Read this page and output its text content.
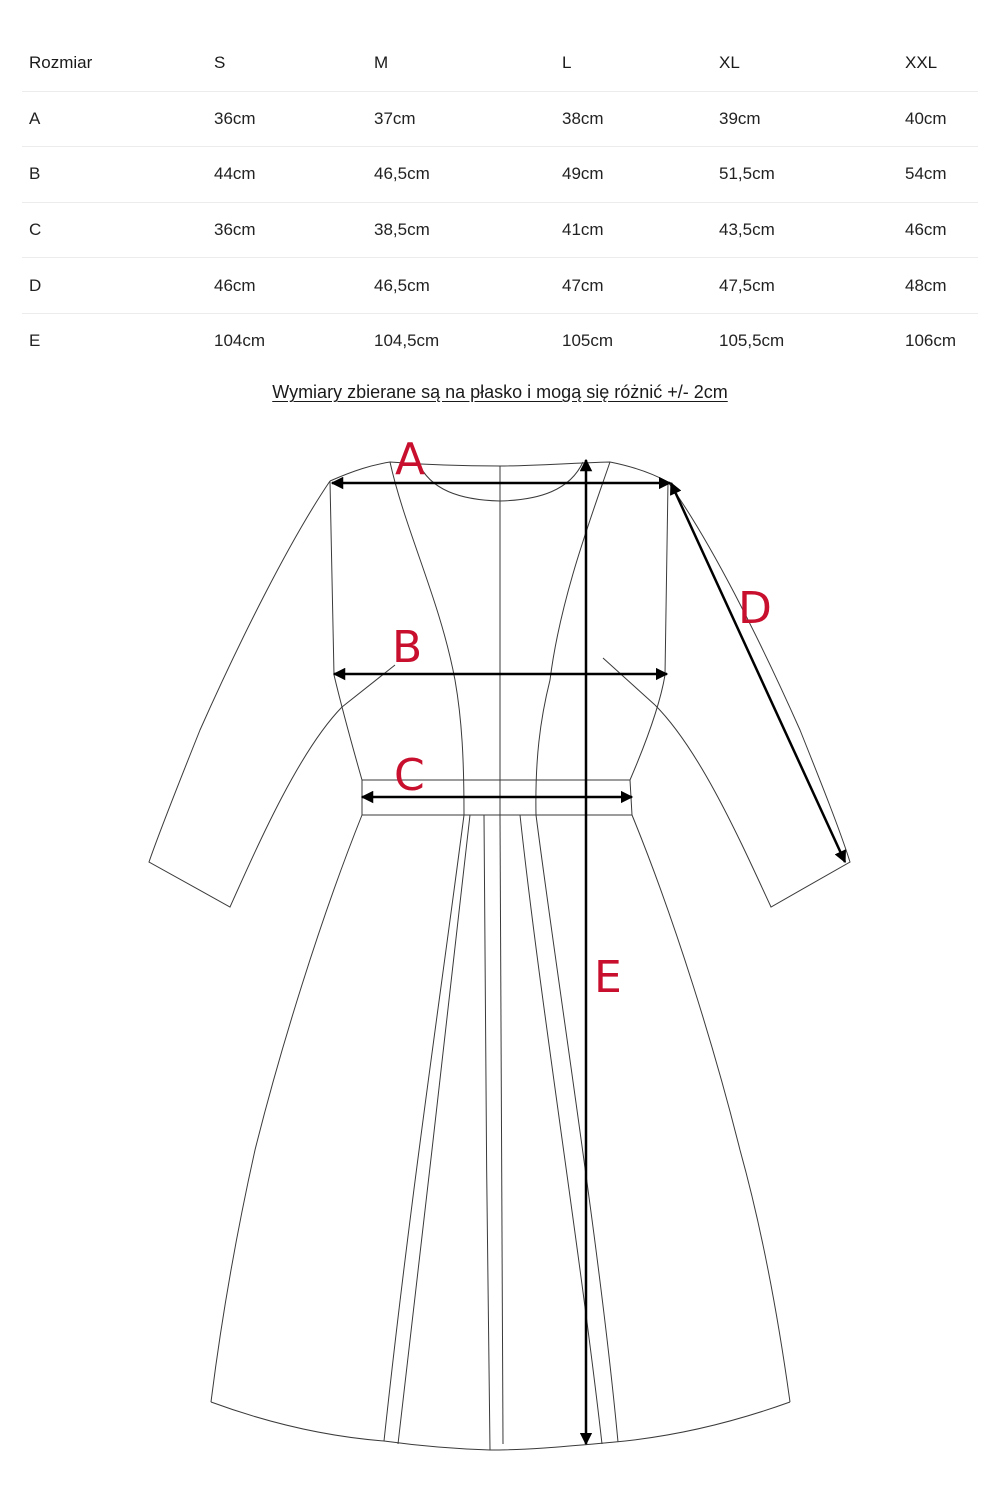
Rozmiar	S	M	L	XL	XXL
A	36cm	37cm	38cm	39cm	40cm
B	44cm	46,5cm	49cm	51,5cm	54cm
C	36cm	38,5cm	41cm	43,5cm	46cm
D	46cm	46,5cm	47cm	47,5cm	48cm
E	104cm	104,5cm	105cm	105,5cm	106cm
Wymiary zbierane są na płasko i mogą się różnić +/- 2cm
A
B
C
D
E
